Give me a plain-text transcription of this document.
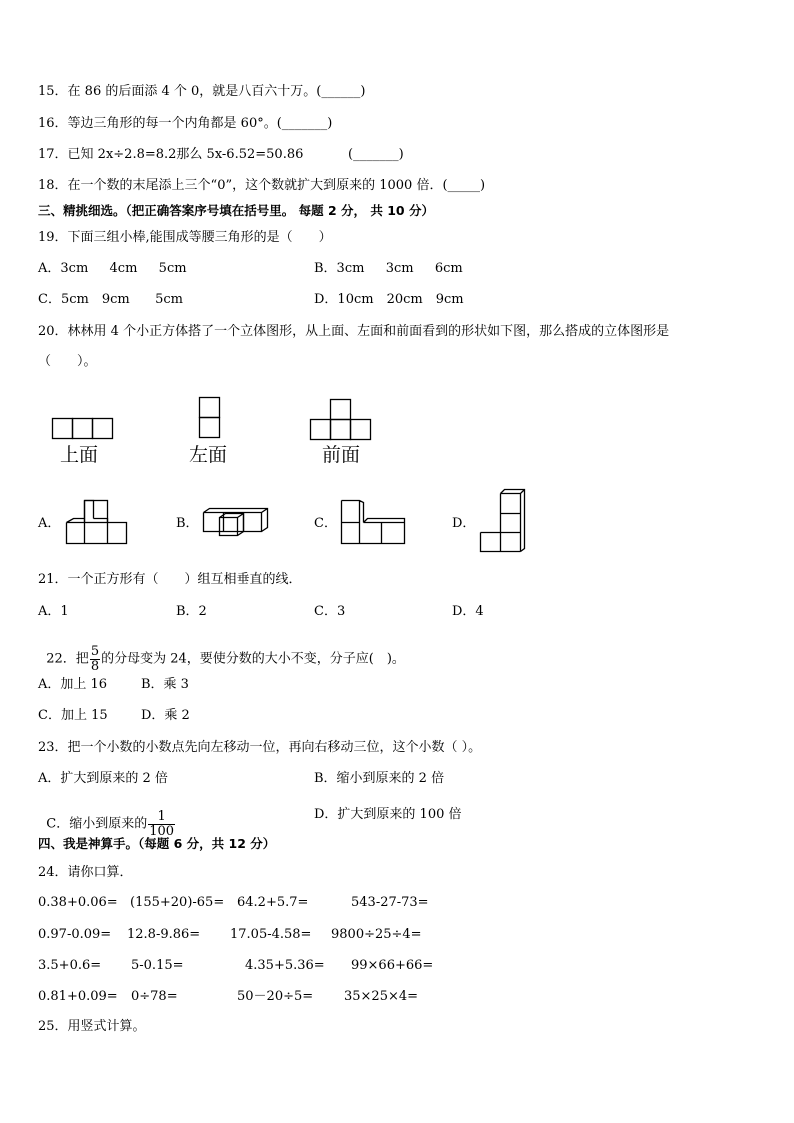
15．在 86 的后面添 4 个 0，就是八百六十万。(______)
16．等边三角形的每一个内角都是 60°。(_______)
17．已知 2x÷2.8=8.2那么 5x-6.52=50.86	(_______)
18．在一个数的末尾添上三个“0”，这个数就扩大到原来的 1000 倍．(_____)
三、精挑细选。（把正确答案序号填在括号里。 每题 2 分， 共 10 分）
19．下面三组小棒,能围成等腰三角形的是（　　）
A．3cm　  4cm　  5cm	B．3cm　  3cm　  6cm
C．5cm　9cm　   5cm	D．10cm　20cm　9cm
20．林林用 4 个小正方体搭了一个立体图形，从上面、左面和前面看到的形状如下图，那么搭成的立体图形是
（　　）。
上面	左面	前面
A．	B．	C．	D．
21．一个正方形有（　　）组互相垂直的线．
A．1	B．2	C．3	D．4

22．把 $\frac{5}{8}$ 的分母变为 24，要使分数的大小不变，分子应(　)。

A．加上 16	B．乘 3
C．加上 15	D．乘 2
23．把一个小数的小数点先向左移动一位，再向右移动三位，这个小数（ ）。
A．扩大到原来的 2 倍	B．缩小到原来的 2 倍

C．缩小到原来的 $\frac{1}{100}$	D．扩大到原来的 100 倍
四、我是神算手。（每题 6 分，共 12 分）
24．请你口算．
0.38+0.06= (155+20)-65= 64.2+5.7=	543-27-73=
0.97-0.09= 12.8-9.86= 17.05-4.58= 9800÷25÷4=
3.5+0.6= 5-0.15=	4.35+5.36= 99×66+66=
0.81+0.09= 0÷78=	50－20÷5= 35×25×4=
25．用竖式计算。
